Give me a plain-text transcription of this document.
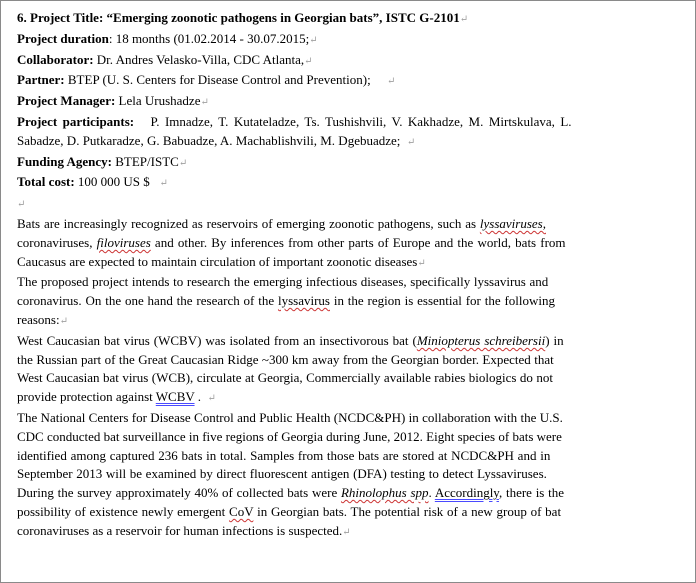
6. Project Title: “Emerging zoonotic pathogens in Georgian bats”, ISTC G-2101↵
Project duration: 18 months (01.02.2014 - 30.07.2015;↵
Collaborator: Dr. Andres Velasko-Villa, CDC Atlanta,↵
Partner: BTEP (U. S. Centers for Disease Control and Prevention); ↵
Project Manager: Lela Urushadze↵
Project participants: P. Imnadze, T. Kutateladze, Ts. Tushishvili, V. Kakhadze, M. Mirtskulava, L.
Sabadze, D. Putkaradze, G. Babuadze, A. Machablishvili, M. Dgebuadze; ↵
Funding Agency: BTEP/ISTC↵
Total cost: 100 000 US $ ↵
↵
Bats are increasingly recognized as reservoirs of emerging zoonotic pathogens, such as lyssaviruses,
coronaviruses, filoviruses and other. By inferences from other parts of Europe and the world, bats from
Caucasus are expected to maintain circulation of important zoonotic diseases↵
The proposed project intends to research the emerging infectious diseases, specifically lyssavirus and
coronavirus. On the one hand the research of the lyssavirus in the region is essential for the following
reasons:↵
West Caucasian bat virus (WCBV) was isolated from an insectivorous bat (Miniopterus schreibersii) in
the Russian part of the Great Caucasian Ridge ~300 km away from the Georgian border. Expected that
West Caucasian bat virus (WCB), circulate at Georgia, Commercially available rabies biologics do not
provide protection against WCBV . ↵
The National Centers for Disease Control and Public Health (NCDC&PH) in collaboration with the U.S.
CDC conducted bat surveillance in five regions of Georgia during June, 2012. Eight species of bats were
identified among captured 236 bats in total. Samples from those bats are stored at NCDC&PH and in
September 2013 will be examined by direct fluorescent antigen (DFA) testing to detect Lyssaviruses.
During the survey approximately 40% of collected bats were Rhinolophus spp. Accordingly, there is the
possibility of existence newly emergent CoV in Georgian bats. The potential risk of a new group of bat
coronaviruses as a reservoir for human infections is suspected.↵
